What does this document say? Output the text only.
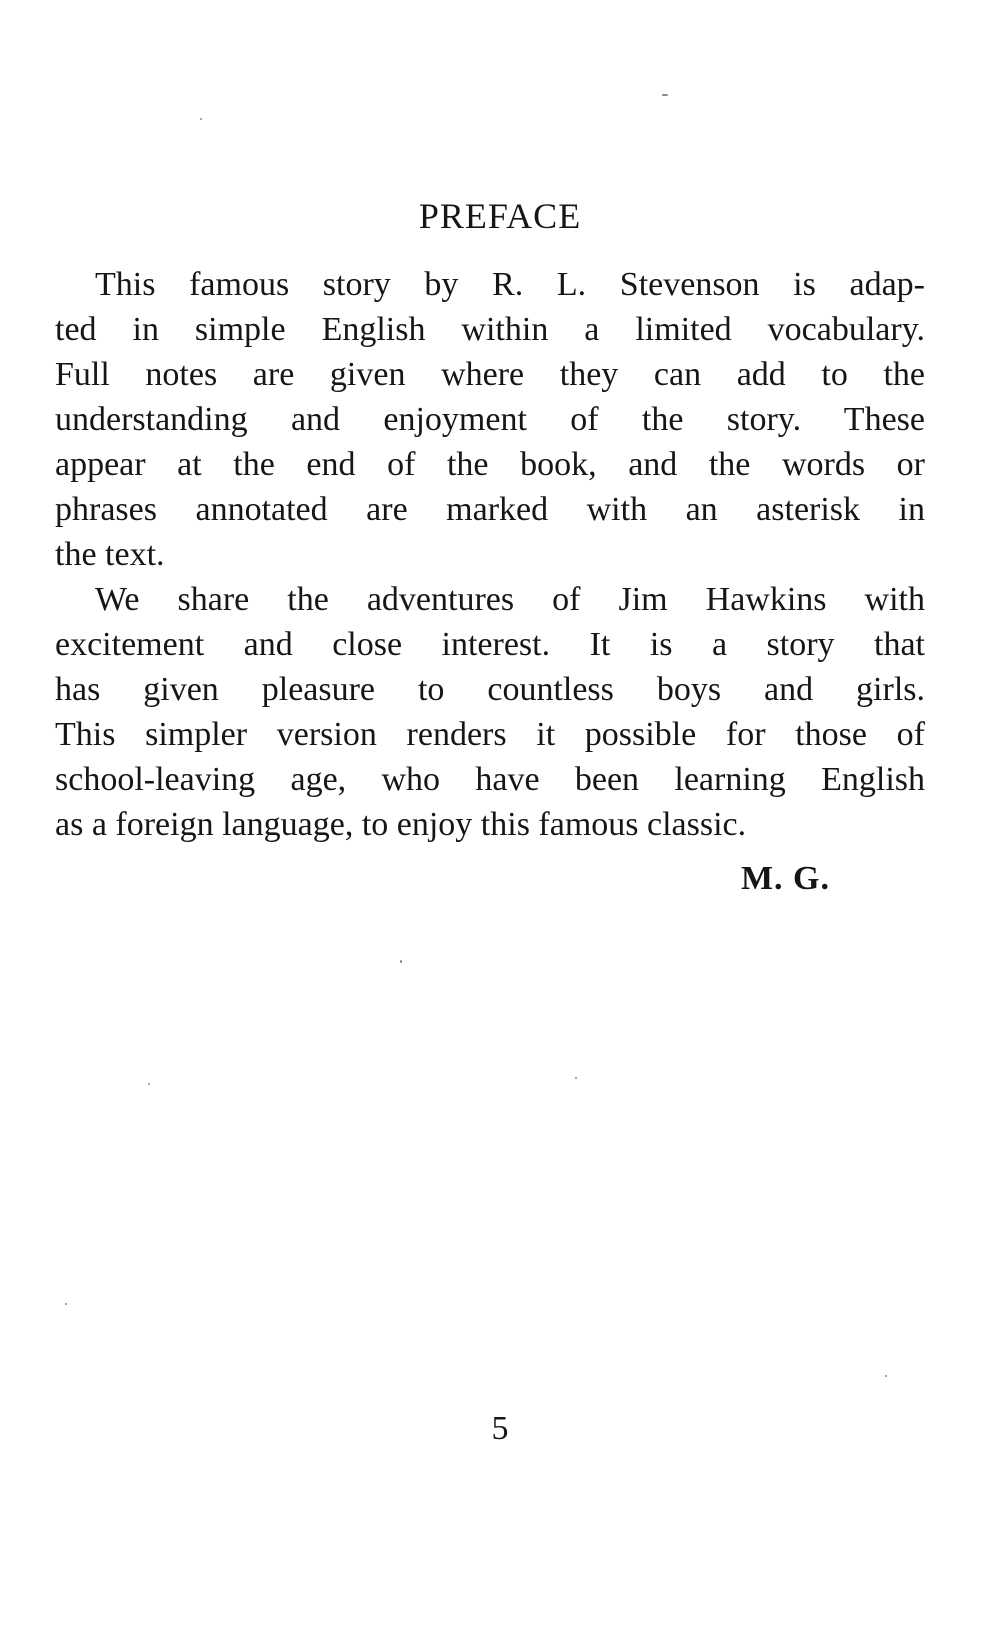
PREFACE

This famous story by R. L. Stevenson is adap-

ted in simple English within a limited vocabulary.

Full notes are given where they can add to the

understanding and enjoyment of the story. These

appear at the end of the book, and the words or

phrases annotated are marked with an asterisk in

the text.

We share the adventures of Jim Hawkins with

excitement and close interest. It is a story that

has given pleasure to countless boys and girls.

This simpler version renders it possible for those of

school-leaving age, who have been learning English

as a foreign language, to enjoy this famous classic.

M. G.
5
